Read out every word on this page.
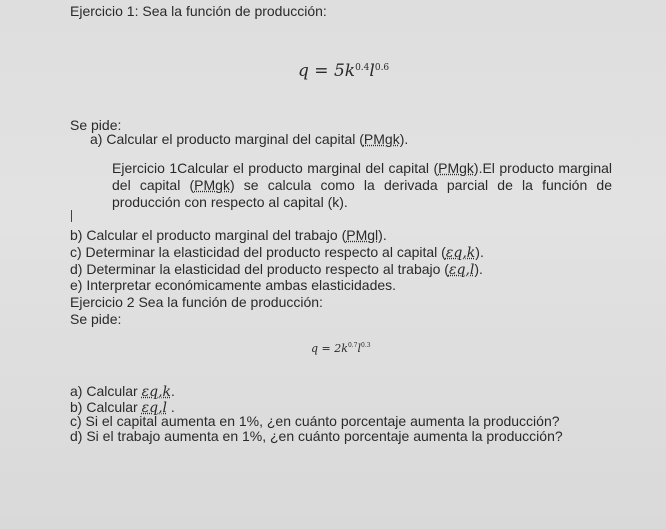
Ejercicio 1: Sea la función de producción:
$q = 5k^{0.4}l^{0.6}$
Se pide:
a) Calcular el producto marginal del capital (PMgk).
Ejercicio 1Calcular el producto marginal del capital (PMgk).El producto marginal del capital (PMgk) se calcula como la derivada parcial de la función de producción con respecto al capital (k).
b) Calcular el producto marginal del trabajo (PMgl).
c) Determinar la elasticidad del producto respecto al capital (εq,k).
d) Determinar la elasticidad del producto respecto al trabajo (εq,l).
e) Interpretar económicamente ambas elasticidades.
Ejercicio 2 Sea la función de producción:
Se pide:
$q = 2k^{0.7}l^{0.3}$
a) Calcular εq,k.
b) Calcular εq,l .
c) Si el capital aumenta en 1%, ¿en cuánto porcentaje aumenta la producción?
d) Si el trabajo aumenta en 1%, ¿en cuánto porcentaje aumenta la producción?
